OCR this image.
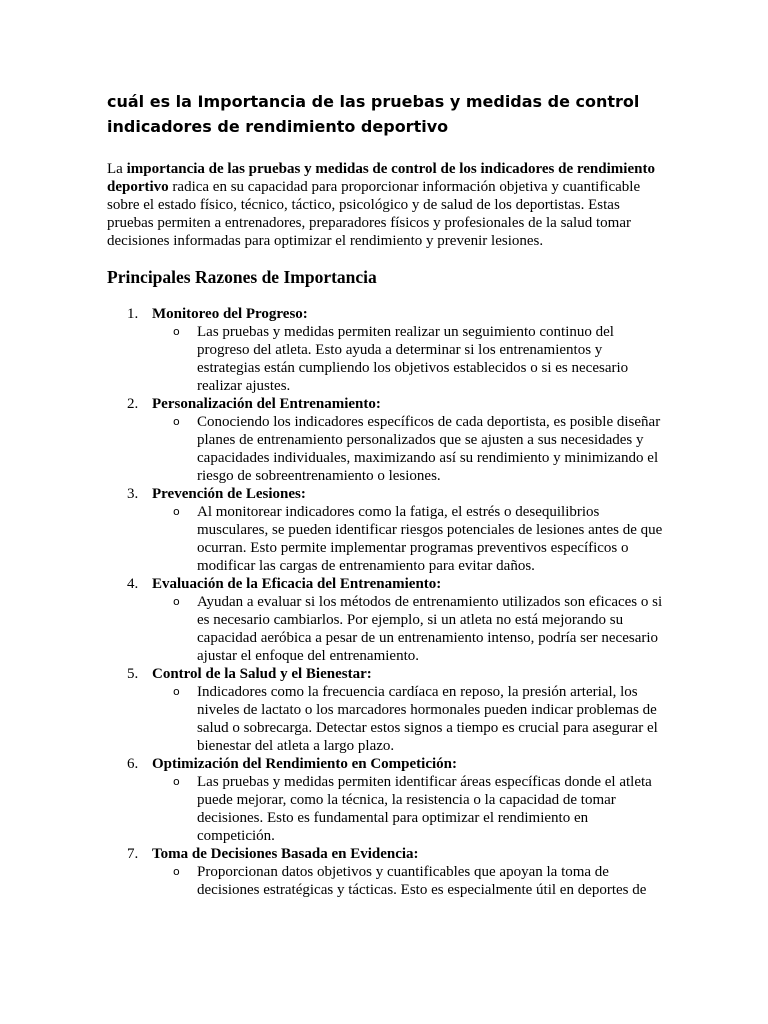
cuál es la Importancia de las pruebas y medidas de control indicadores de rendimiento deportivo

La importancia de las pruebas y medidas de control de los indicadores de rendimiento deportivo radica en su capacidad para proporcionar información objetiva y cuantificable sobre el estado físico, técnico, táctico, psicológico y de salud de los deportistas. Estas pruebas permiten a entrenadores, preparadores físicos y profesionales de la salud tomar decisiones informadas para optimizar el rendimiento y prevenir lesiones.

Principales Razones de Importancia
1. Monitoreo del Progreso:
o Las pruebas y medidas permiten realizar un seguimiento continuo del progreso del atleta. Esto ayuda a determinar si los entrenamientos y estrategias están cumpliendo los objetivos establecidos o si es necesario realizar ajustes.
2. Personalización del Entrenamiento:
o Conociendo los indicadores específicos de cada deportista, es posible diseñar planes de entrenamiento personalizados que se ajusten a sus necesidades y capacidades individuales, maximizando así su rendimiento y minimizando el riesgo de sobreentrenamiento o lesiones.
3. Prevención de Lesiones:
o Al monitorear indicadores como la fatiga, el estrés o desequilibrios musculares, se pueden identificar riesgos potenciales de lesiones antes de que ocurran. Esto permite implementar programas preventivos específicos o modificar las cargas de entrenamiento para evitar daños.
4. Evaluación de la Eficacia del Entrenamiento:
o Ayudan a evaluar si los métodos de entrenamiento utilizados son eficaces o si es necesario cambiarlos. Por ejemplo, si un atleta no está mejorando su capacidad aeróbica a pesar de un entrenamiento intenso, podría ser necesario ajustar el enfoque del entrenamiento.
5. Control de la Salud y el Bienestar:
o Indicadores como la frecuencia cardíaca en reposo, la presión arterial, los niveles de lactato o los marcadores hormonales pueden indicar problemas de salud o sobrecarga. Detectar estos signos a tiempo es crucial para asegurar el bienestar del atleta a largo plazo.
6. Optimización del Rendimiento en Competición:
o Las pruebas y medidas permiten identificar áreas específicas donde el atleta puede mejorar, como la técnica, la resistencia o la capacidad de tomar decisiones. Esto es fundamental para optimizar el rendimiento en competición.
7. Toma de Decisiones Basada en Evidencia:
o Proporcionan datos objetivos y cuantificables que apoyan la toma de decisiones estratégicas y tácticas. Esto es especialmente útil en deportes de
